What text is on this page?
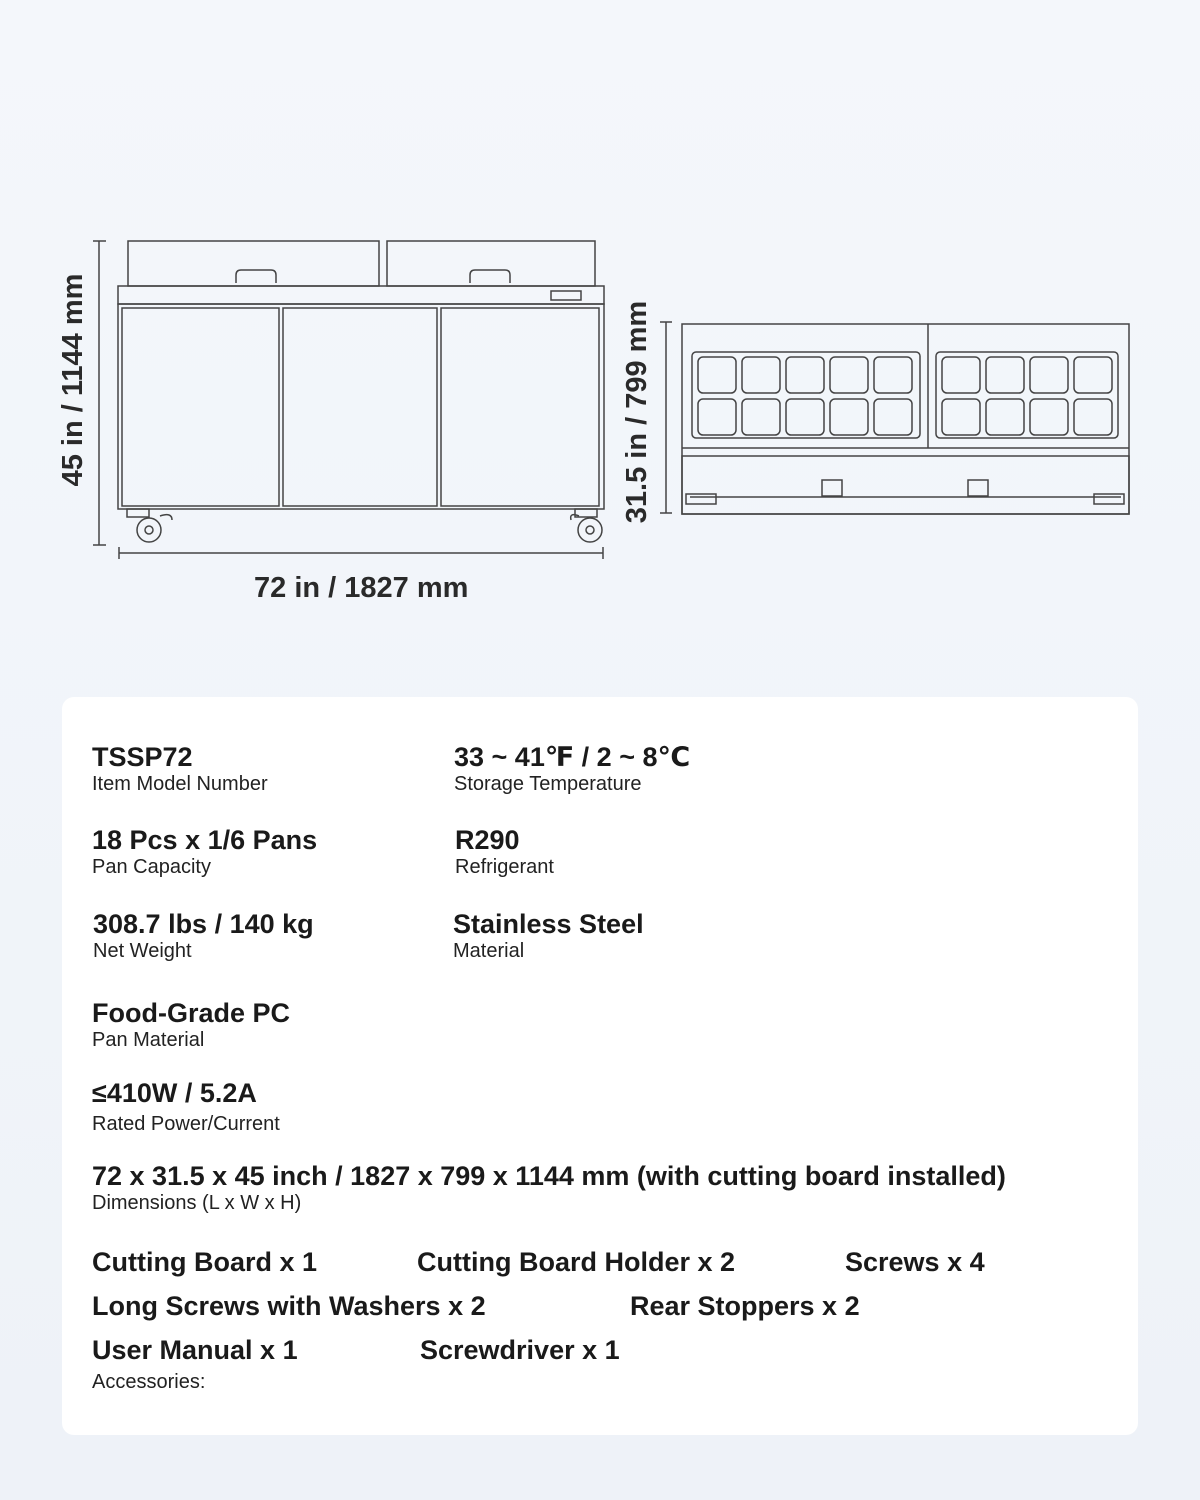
45 in / 1144 mm
72 in / 1827 mm
31.5 in / 799 mm
TSSP72
Item Model Number
33 ~ 41℉ / 2 ~ 8℃
Storage Temperature
18 Pcs x 1/6 Pans
Pan Capacity
R290
Refrigerant
308.7 lbs / 140 kg
Net Weight
Stainless Steel
Material
Food-Grade PC
Pan Material
≤410W / 5.2A
Rated Power/Current
72 x 31.5 x 45 inch / 1827 x 799 x 1144 mm (with cutting board installed)
Dimensions (L x W x H)
Cutting Board x 1	Cutting Board Holder x 2	Screws x 4
Long Screws with Washers x 2	Rear Stoppers x 2
User Manual x 1	Screwdriver x 1
Accessories:
